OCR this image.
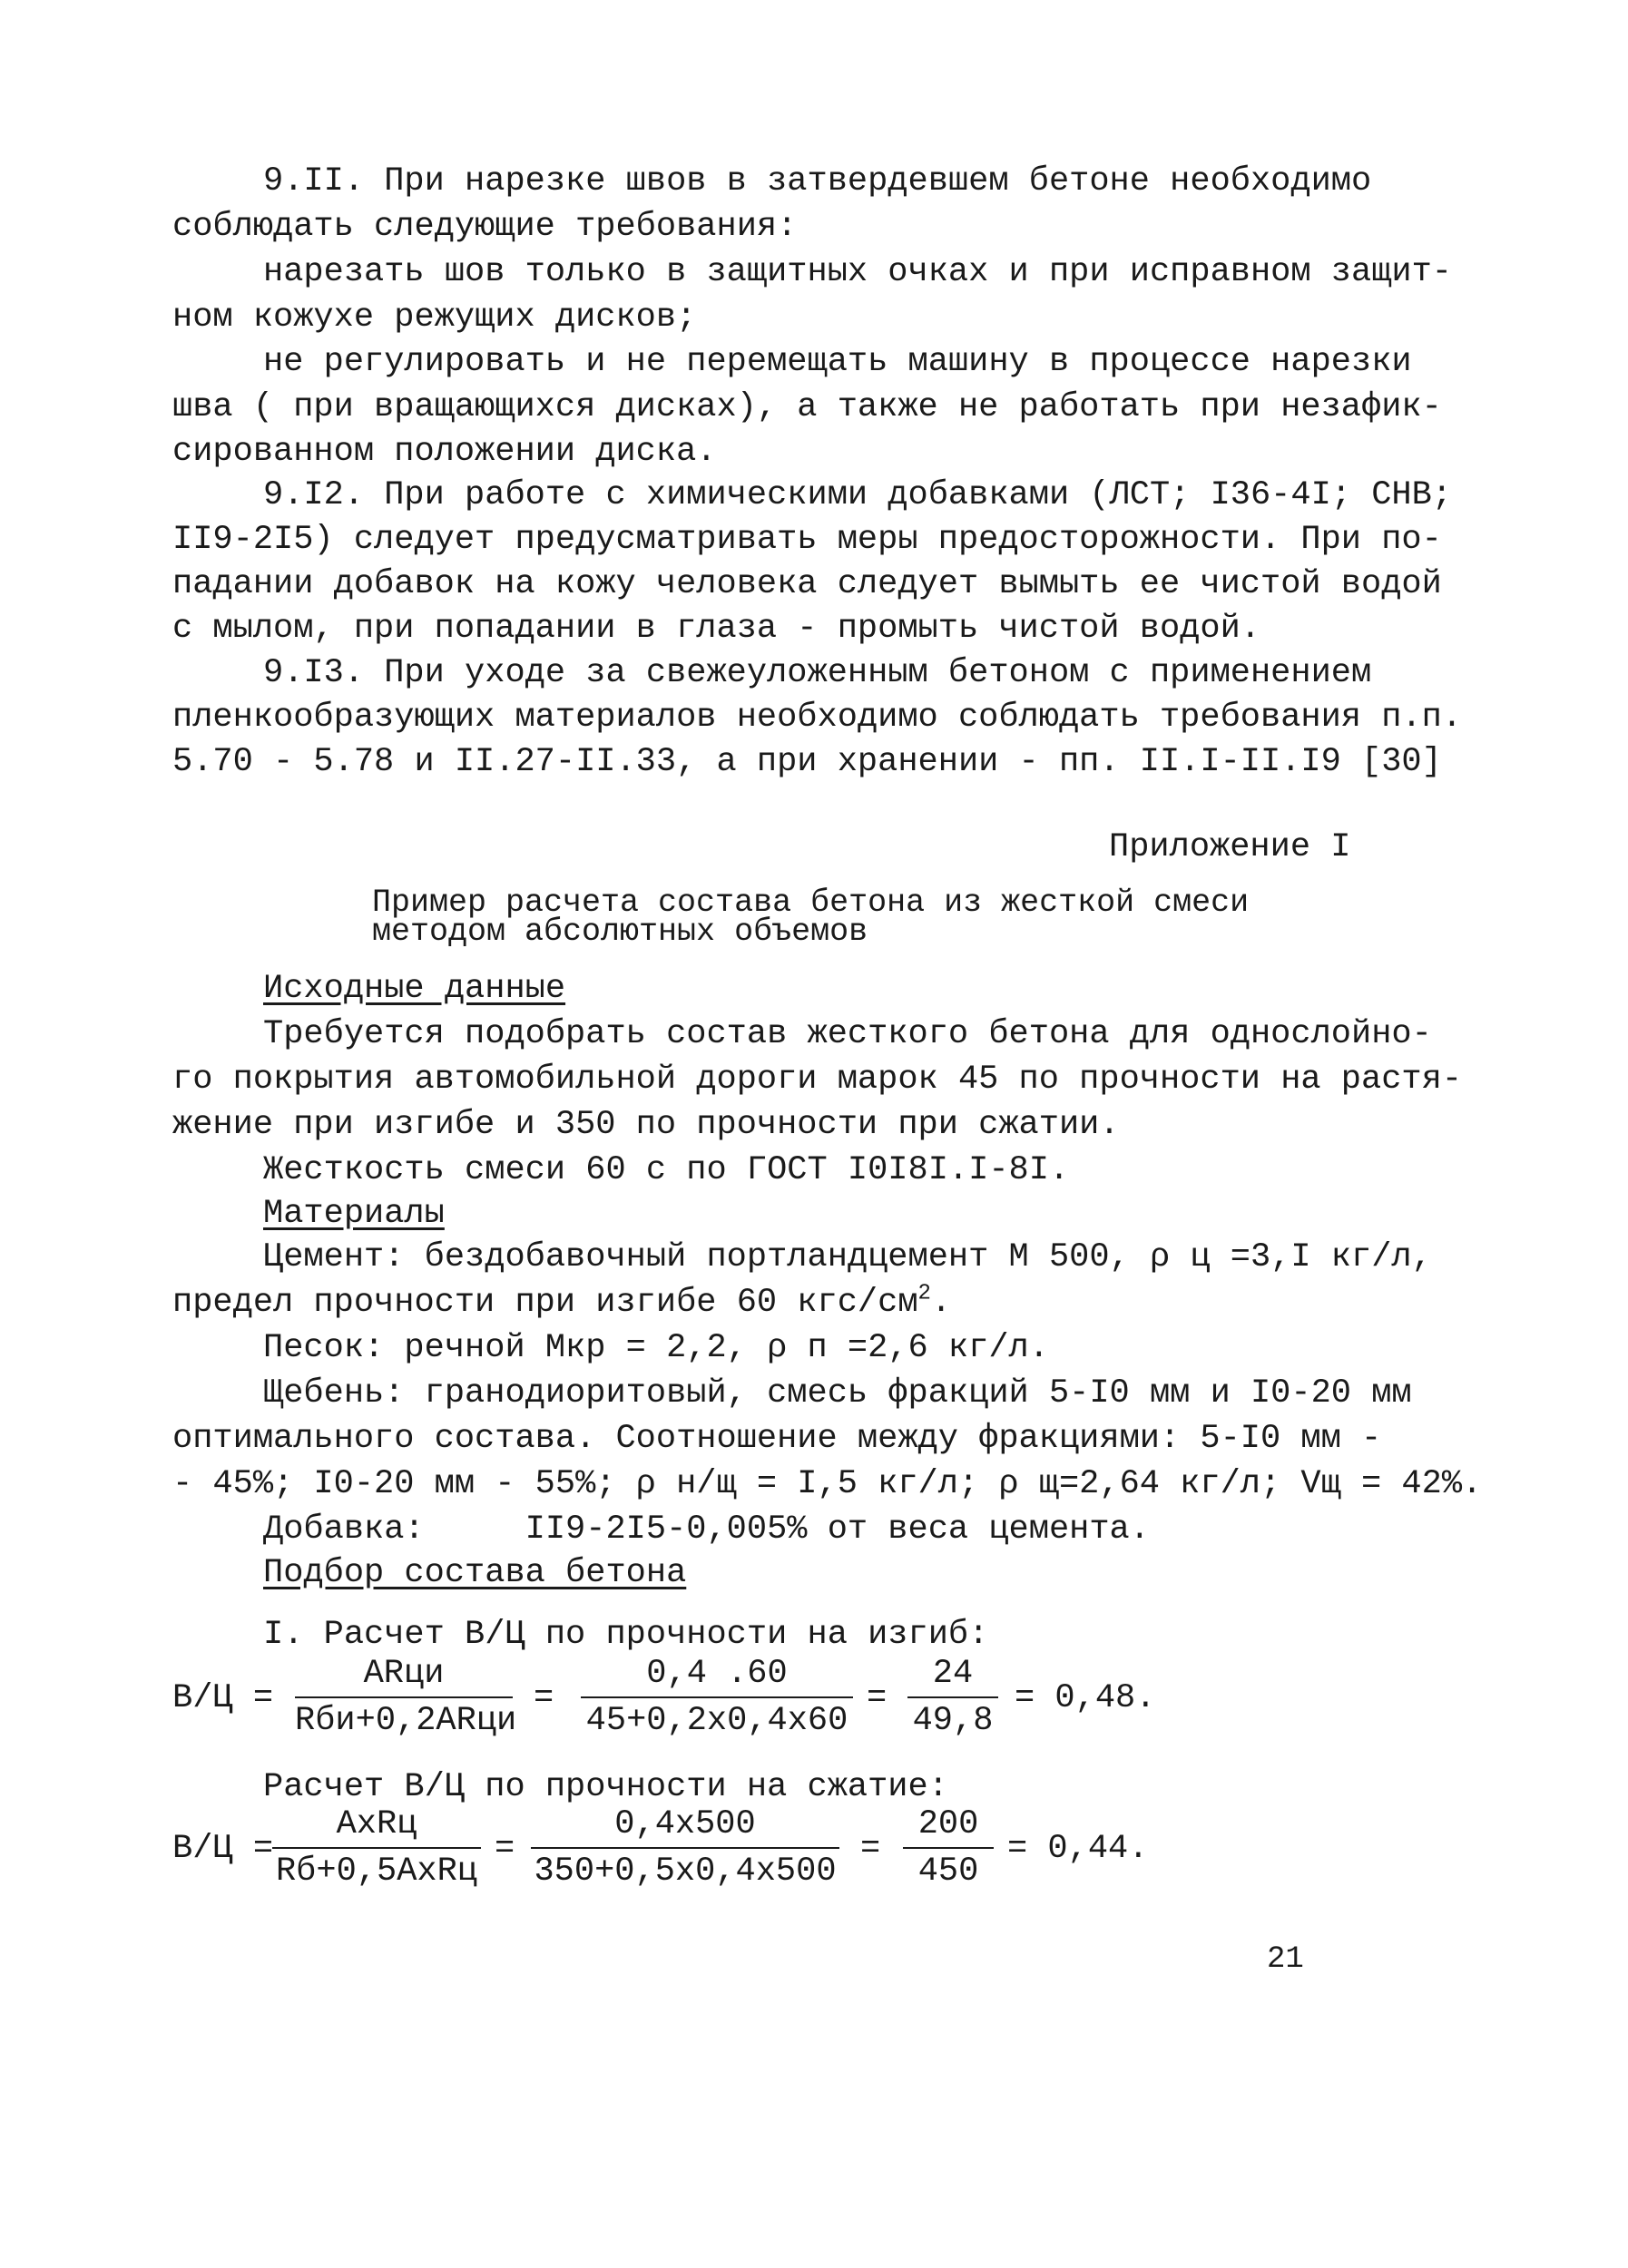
9.II. При нарезке швов в затвердевшем бетоне необходимо
соблюдать следующие требования:
нарезать шов только в защитных очках и при исправном защит-
ном кожухе режущих дисков;
не регулировать и не перемещать машину в процессе нарезки
шва ( при вращающихся дисках), а также не работать при незафик-
сированном положении диска.
9.I2. При работе с химическими добавками (ЛСТ; I36-4I; СНВ;
II9-2I5) следует предусматривать меры предосторожности. При по-
падании добавок на кожу человека следует вымыть ее чистой водой
с мылом, при попадании в глаза - промыть чистой водой.
9.I3. При уходе за свежеуложенным бетоном с применением
пленкообразующих материалов необходимо соблюдать требования п.п.
5.70 - 5.78 и II.27-II.33, а при хранении - пп. II.I-II.I9 [30]
Приложение I
Пример расчета состава бетона из жесткой смеси
методом абсолютных объемов
Исходные данные
Требуется подобрать состав жесткого бетона для однослойно-
го покрытия автомобильной дороги марок 45 по прочности на растя-
жение при изгибе и 350 по прочности при сжатии.
Жесткость смеси 60 с по ГОСТ I0I8I.I-8I.
Материалы
Цемент: бездобавочный портландцемент М 500, ρ ц =3,I кг/л,
предел прочности при изгибе 60 кгс/$см^2$.
Песок: речной Мкр = 2,2, ρ п =2,6 кг/л.
Щебень: гранодиоритовый, смесь фракций 5-I0 мм и I0-20 мм
оптимального состава. Соотношение между фракциями: 5-I0 мм -
- 45%; I0-20 мм - 55%; ρ н/щ = I,5 кг/л; ρ щ=2,64 кг/л; Vщ = 42%.
Добавка:     II9-2I5-0,005% от веса цемента.
Подбор состава бетона
I. Расчет В/Ц по прочности на изгиб:
В/Ц =
ARци
Rби+0,2ARци
= $\frac{0,4 .60}{45+0,2x0,4x60} = \frac{24}{49,8} = 0,48$.
Расчет В/Ц по прочности на сжатие:
В/Ц =
AxRц
Rб+0,5AxRц
= $\frac{0,4x500}{350+0,5x0,4x500} = \frac{200}{450} = 0,44$.
21
